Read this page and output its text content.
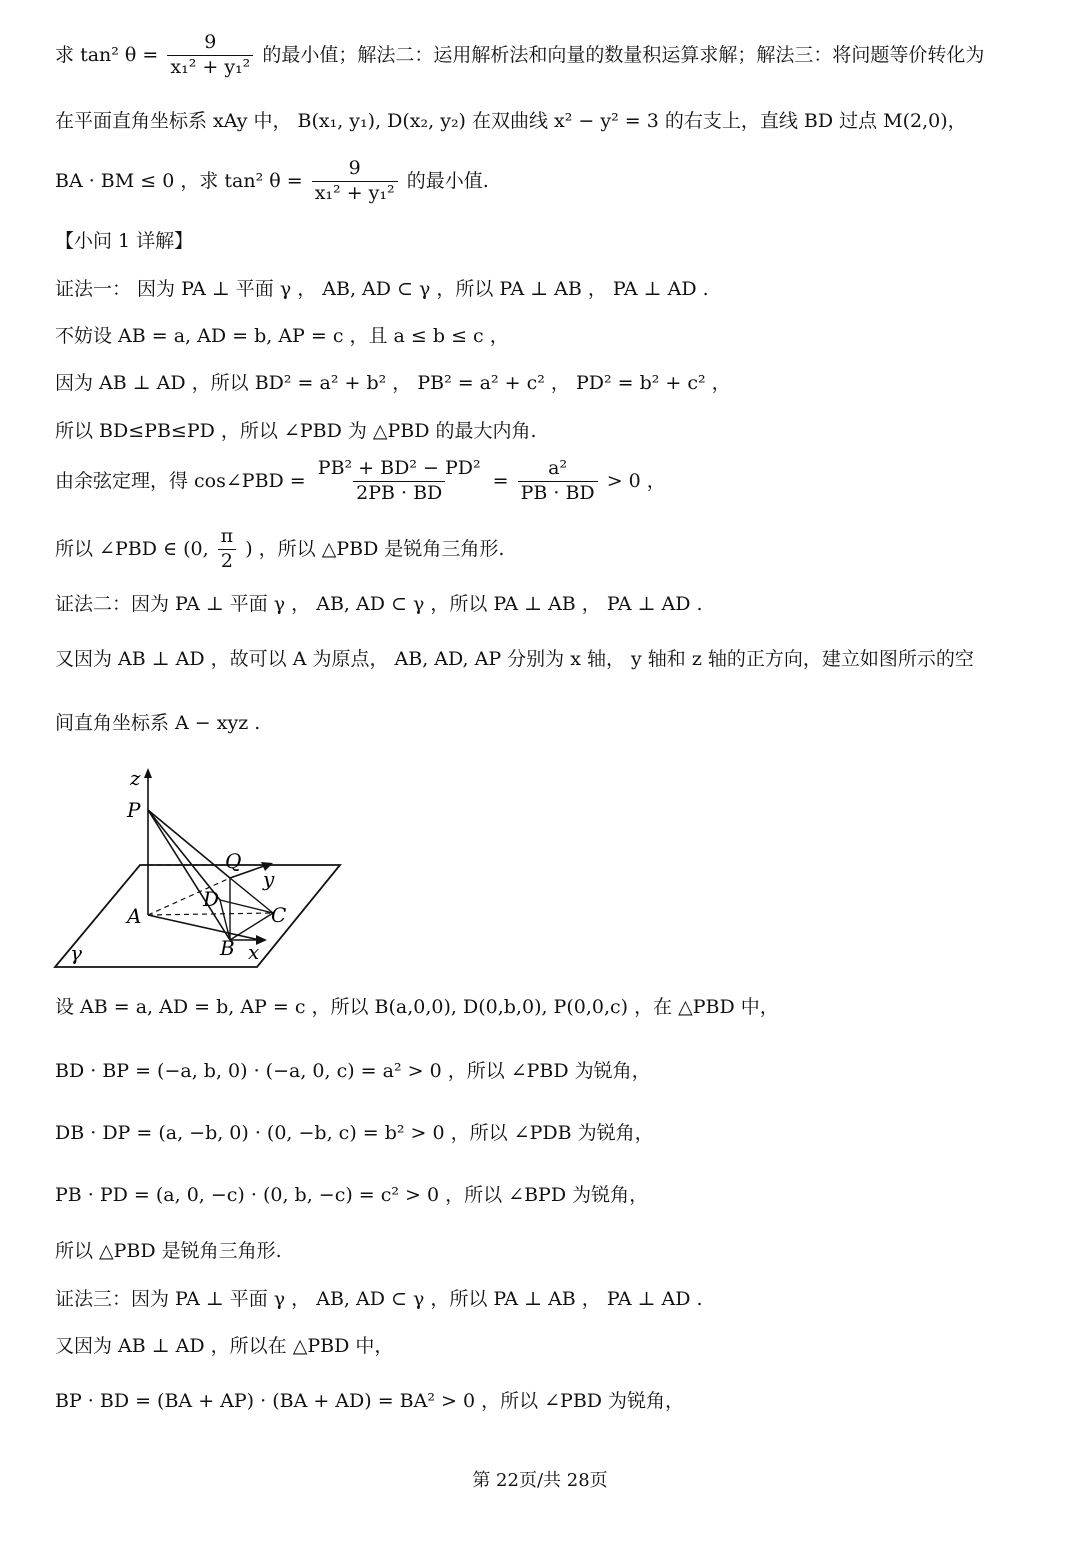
求 tan² $\theta = \frac{9}{\text{x₁² + y₁²}}$ 的最小值；解法二：运用解析法和向量的数量积运算求解；解法三：将问题等价转化为
在平面直角坐标系 xAy 中， B(x₁, y₁), D(x₂, y₂) 在双曲线 x² − y² = 3 的右支上，直线 BD 过点 M(2,0)，
BA · BM ≤ 0 ，求 tan² $\theta = \frac{9}{\text{x₁² + y₁²}}$ 的最小值.
【小问 1 详解】
证法一： 因为 PA ⊥ 平面 γ ， AB, AD ⊂ γ ，所以 PA ⊥ AB ， PA ⊥ AD .
不妨设 AB = a, AD = b, AP = c ，且 a ≤ b ≤ c ，
因为 AB ⊥ AD ，所以 BD² = a² + b² ， PB² = a² + c² ， PD² = b² + c² ，
所以 BD≤PB≤PD ，所以 ∠PBD 为 △PBD 的最大内角.
由余弦定理，得 cos∠PBD = $\frac{\text{PB² + BD² − PD²}}{2PB \cdot BD} = \frac{\text{a²}}{PB \cdot BD} > 0$ ，
所以 ∠PBD ∈ (0, $\frac{\pi}{2}$ ) ，所以 △PBD 是锐角三角形.
证法二：因为 PA ⊥ 平面 γ ， AB, AD ⊂ γ ，所以 PA ⊥ AB ， PA ⊥ AD .
又因为 AB ⊥ AD ，故可以 A 为原点， AB, AD, AP 分别为 x 轴， y 轴和 z 轴的正方向，建立如图所示的空
间直角坐标系 A − xyz .
z
P
Q
y
D
C
A
B x
γ
设 AB = a, AD = b, AP = c ，所以 B(a,0,0), D(0,b,0), P(0,0,c) ，在 △PBD 中，
BD · BP = (−a, b, 0) · (−a, 0, c) = a² > 0 ，所以 ∠PBD 为锐角，
DB · DP = (a, −b, 0) · (0, −b, c) = b² > 0 ，所以 ∠PDB 为锐角，
PB · PD = (a, 0, −c) · (0, b, −c) = c² > 0 ，所以 ∠BPD 为锐角，
所以 △PBD 是锐角三角形.
证法三：因为 PA ⊥ 平面 γ ， AB, AD ⊂ γ ，所以 PA ⊥ AB ， PA ⊥ AD .
又因为 AB ⊥ AD ，所以在 △PBD 中，
BP · BD = (BA + AP) · (BA + AD) = BA² > 0 ，所以 ∠PBD 为锐角，
第 22页/共 28页
